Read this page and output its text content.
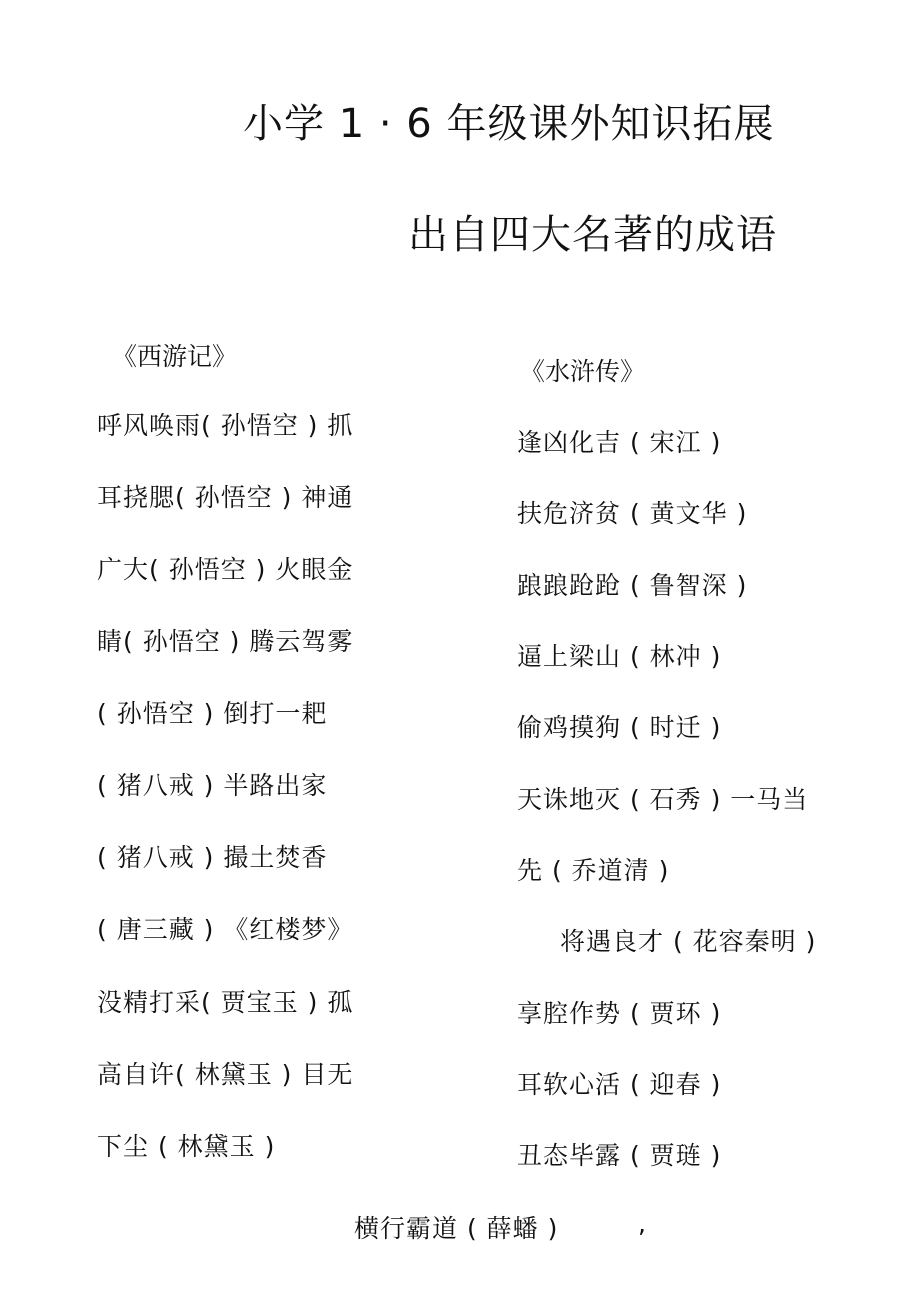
小学 1 · 6 年级课外知识拓展
出自四大名著的成语
《西游记》
呼风唤雨( 孙悟空 ) 抓
耳挠腮( 孙悟空 ) 神通
广大( 孙悟空 ) 火眼金
睛( 孙悟空 ) 腾云驾雾
( 孙悟空 ) 倒打一耙
( 猪八戒 ) 半路出家
( 猪八戒 ) 撮土焚香
( 唐三藏 ) 《红楼梦》
没精打采( 贾宝玉 ) 孤
高自许( 林黛玉 ) 目无
下尘 ( 林黛玉 )
《水浒传》
逢凶化吉 ( 宋江 )
扶危济贫 ( 黄文华 )
踉踉跄跄 ( 鲁智深 )
逼上梁山 ( 林冲 )
偷鸡摸狗 ( 时迁 )
天诛地灭 ( 石秀 ) 一马当
先 ( 乔道清 )
将遇良才 ( 花容秦明 )
享腔作势 ( 贾环 )
耳软心活 ( 迎春 )
丑态毕露 ( 贾琏 )
横行霸道 ( 薛蟠 )	,
